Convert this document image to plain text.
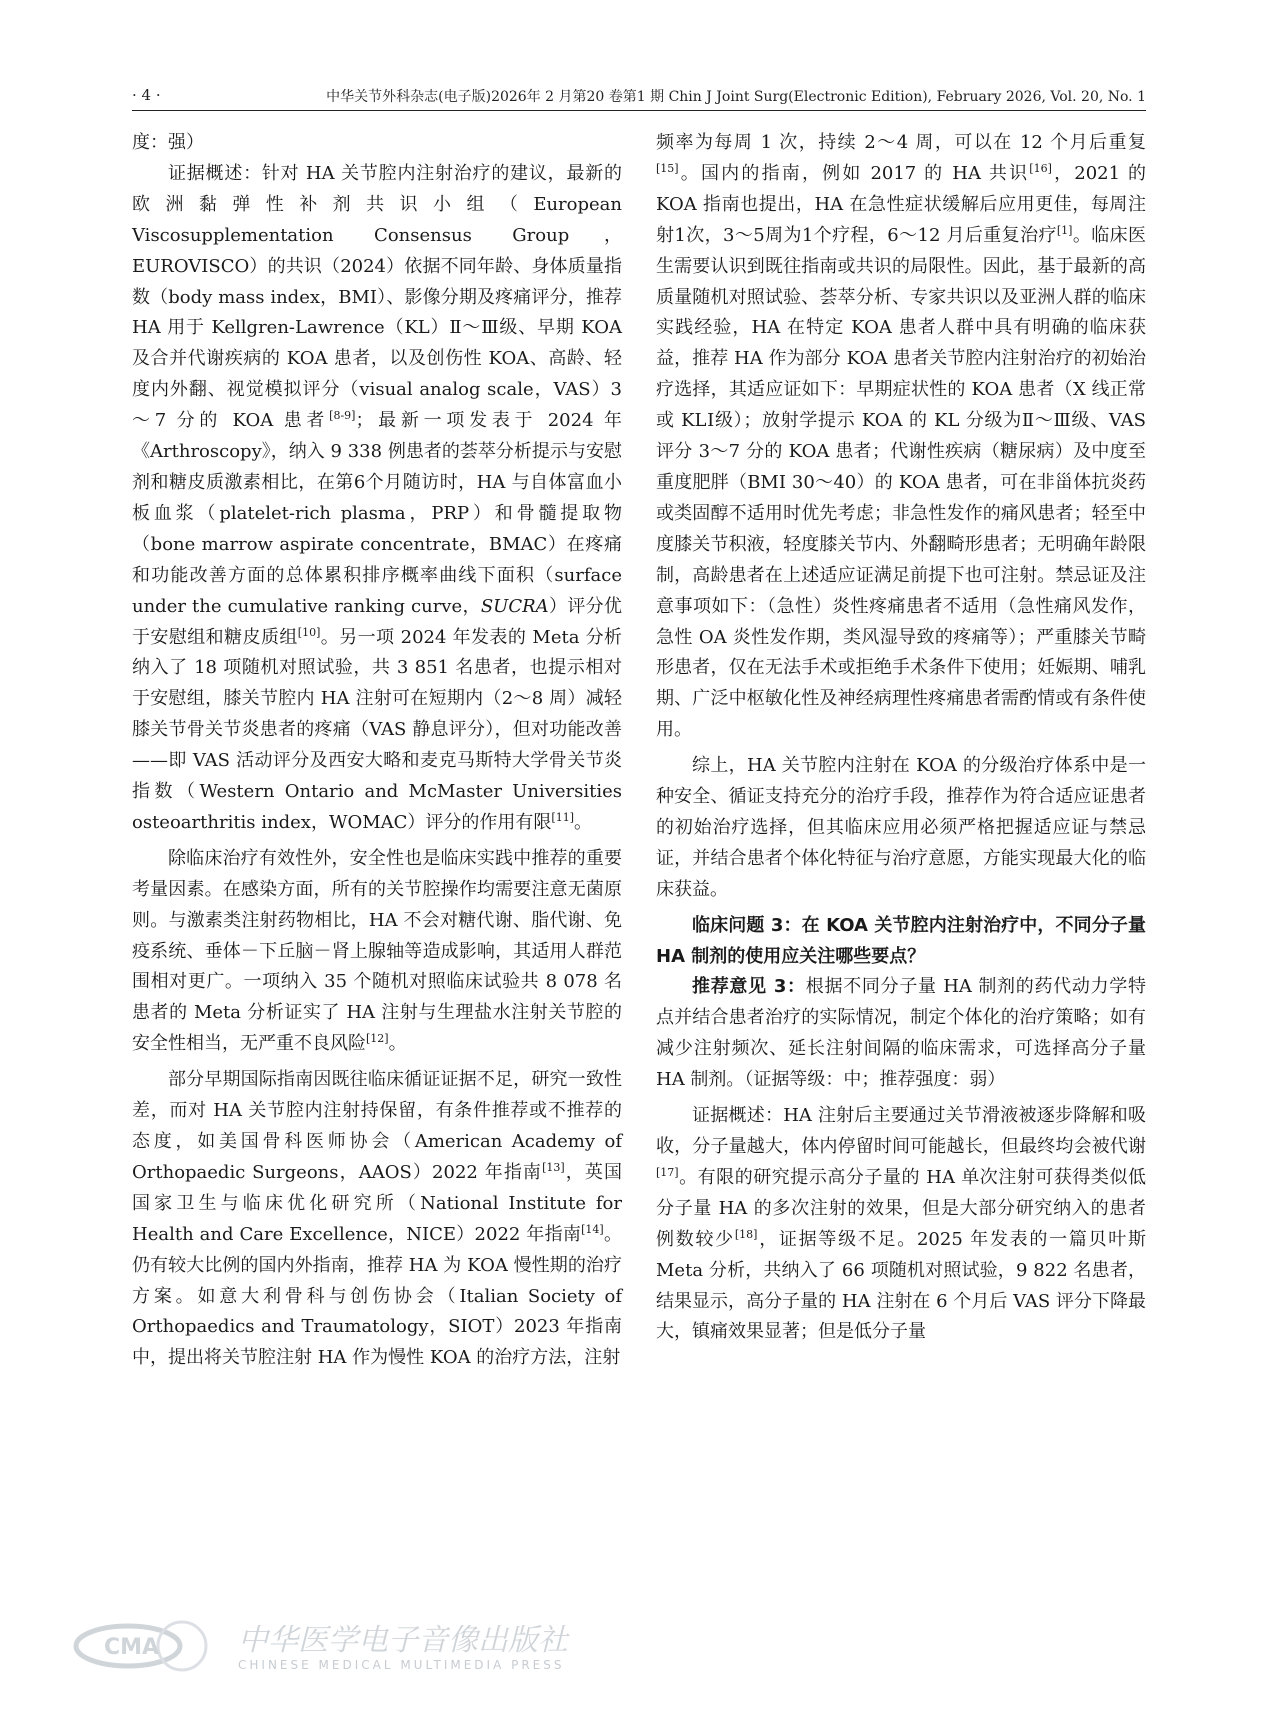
· 4 ·	中华关节外科杂志(电子版)2026年 2 月第20 卷第1 期 Chin J Joint Surg(Electronic Edition), February 2026, Vol. 20, No. 1

度：强）

证据概述：针对 HA 关节腔内注射治疗的建议，最新的欧洲黏弹性补剂共识小组（European Viscosupplementation Consensus Group，EUROVISCO）的共识（2024）依据不同年龄、身体质量指数（body mass index，BMI）、影像分期及疼痛评分，推荐 HA 用于 Kellgren-Lawrence（KL）Ⅱ～Ⅲ级、早期 KOA 及合并代谢疾病的 KOA 患者，以及创伤性 KOA、高龄、轻度内外翻、视觉模拟评分（visual analog scale，VAS）3～7 分的 KOA 患者[8-9]；最新一项发表于 2024 年《Arthroscopy》，纳入 9 338 例患者的荟萃分析提示与安慰剂和糖皮质激素相比，在第6个月随访时，HA 与自体富血小板血浆（platelet-rich plasma，PRP）和骨髓提取物（bone marrow aspirate concentrate，BMAC）在疼痛和功能改善方面的总体累积排序概率曲线下面积（surface under the cumulative ranking curve，SUCRA）评分优于安慰组和糖皮质组[10]。另一项 2024 年发表的 Meta 分析纳入了 18 项随机对照试验，共 3 851 名患者，也提示相对于安慰组，膝关节腔内 HA 注射可在短期内（2～8 周）减轻膝关节骨关节炎患者的疼痛（VAS 静息评分），但对功能改善——即 VAS 活动评分及西安大略和麦克马斯特大学骨关节炎指数（Western Ontario and McMaster Universities osteoarthritis index，WOMAC）评分的作用有限[11]。

除临床治疗有效性外，安全性也是临床实践中推荐的重要考量因素。在感染方面，所有的关节腔操作均需要注意无菌原则。与激素类注射药物相比，HA 不会对糖代谢、脂代谢、免疫系统、垂体－下丘脑－肾上腺轴等造成影响，其适用人群范围相对更广。一项纳入 35 个随机对照临床试验共 8 078 名患者的 Meta 分析证实了 HA 注射与生理盐水注射关节腔的安全性相当，无严重不良风险[12]。

部分早期国际指南因既往临床循证证据不足，研究一致性差，而对 HA 关节腔内注射持保留，有条件推荐或不推荐的态度，如美国骨科医师协会（American Academy of Orthopaedic Surgeons，AAOS）2022 年指南[13]，英国国家卫生与临床优化研究所（National Institute for Health and Care Excellence，NICE）2022 年指南[14]。仍有较大比例的国内外指南，推荐 HA 为 KOA 慢性期的治疗方案。如意大利骨科与创伤协会（Italian Society of Orthopaedics and Traumatology，SIOT）2023 年指南中，提出将关节腔注射 HA 作为慢性 KOA 的治疗方法，注射

频率为每周 1 次，持续 2～4 周，可以在 12 个月后重复[15]。国内的指南，例如 2017 的 HA 共识[16]，2021 的 KOA 指南也提出，HA 在急性症状缓解后应用更佳，每周注射1次，3～5周为1个疗程，6～12 月后重复治疗[1]。临床医生需要认识到既往指南或共识的局限性。因此，基于最新的高质量随机对照试验、荟萃分析、专家共识以及亚洲人群的临床实践经验，HA 在特定 KOA 患者人群中具有明确的临床获益，推荐 HA 作为部分 KOA 患者关节腔内注射治疗的初始治疗选择，其适应证如下：早期症状性的 KOA 患者（X 线正常或 KLⅠ级）；放射学提示 KOA 的 KL 分级为Ⅱ～Ⅲ级、VAS 评分 3～7 分的 KOA 患者；代谢性疾病（糖尿病）及中度至重度肥胖（BMI 30～40）的 KOA 患者，可在非甾体抗炎药或类固醇不适用时优先考虑；非急性发作的痛风患者；轻至中度膝关节积液，轻度膝关节内、外翻畸形患者；无明确年龄限制，高龄患者在上述适应证满足前提下也可注射。禁忌证及注意事项如下：（急性）炎性疼痛患者不适用（急性痛风发作，急性 OA 炎性发作期，类风湿导致的疼痛等）；严重膝关节畸形患者，仅在无法手术或拒绝手术条件下使用；妊娠期、哺乳期、广泛中枢敏化性及神经病理性疼痛患者需酌情或有条件使用。

综上，HA 关节腔内注射在 KOA 的分级治疗体系中是一种安全、循证支持充分的治疗手段，推荐作为符合适应证患者的初始治疗选择，但其临床应用必须严格把握适应证与禁忌证，并结合患者个体化特征与治疗意愿，方能实现最大化的临床获益。

临床问题 3：在 KOA 关节腔内注射治疗中，不同分子量 HA 制剂的使用应关注哪些要点？

推荐意见 3：根据不同分子量 HA 制剂的药代动力学特点并结合患者治疗的实际情况，制定个体化的治疗策略；如有减少注射频次、延长注射间隔的临床需求，可选择高分子量 HA 制剂。（证据等级：中；推荐强度：弱）

证据概述：HA 注射后主要通过关节滑液被逐步降解和吸收，分子量越大，体内停留时间可能越长，但最终均会被代谢[17]。有限的研究提示高分子量的 HA 单次注射可获得类似低分子量 HA 的多次注射的效果，但是大部分研究纳入的患者例数较少[18]，证据等级不足。2025 年发表的一篇贝叶斯 Meta 分析，共纳入了 66 项随机对照试验，9 822 名患者，结果显示，高分子量的 HA 注射在 6 个月后 VAS 评分下降最大，镇痛效果显著；但是低分子量

CMA	中华医学电子音像出版社
CHINESE MEDICAL MULTIMEDIA PRESS
